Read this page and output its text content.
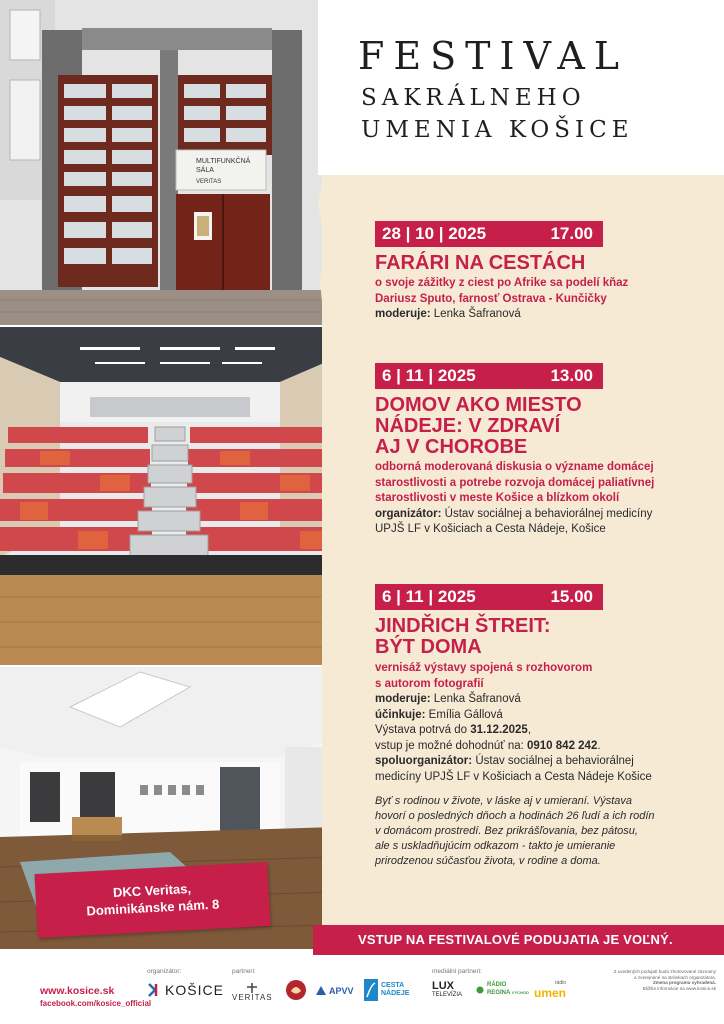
MULTIFUNKČNÁ
SÁLA
VERITAS
FESTIVAL
SAKRÁLNEHO
UMENIA KOŠICE
28 | 10 | 2025	17.00
FARÁRI NA CESTÁCH
o svoje zážitky z ciest po Afrike sa podelí kňaz
Dariusz Sputo, farnosť Ostrava - Kunčičky
moderuje: Lenka Šafranová
6 | 11 | 2025	13.00
DOMOV AKO MIESTO
NÁDEJE: V ZDRAVÍ
AJ V CHOROBE
odborná moderovaná diskusia o význame domácej
starostlivosti a potrebe rozvoja domácej paliatívnej
starostlivosti v meste Košice a blízkom okolí
organizátor: Ústav sociálnej a behaviorálnej medicíny
UPJŠ LF v Košiciach a Cesta Nádeje, Košice
6 | 11 | 2025	15.00
JINDŘICH ŠTREIT:
BÝT DOMA
vernisáž výstavy spojená s rozhovorom
s autorom fotografií
moderuje: Lenka Šafranová
účinkuje: Emília Gállová
Výstava potrvá do 31.12.2025,
vstup je možné dohodnúť na: 0910 842 242.
spoluorganizátor: Ústav sociálnej a behaviorálnej
medicíny UPJŠ LF v Košiciach a Cesta Nádeje Košice
Byť s rodinou v živote, v láske aj v umieraní. Výstava
hovorí o posledných dňoch a hodinách 26 ľudí a ich rodín
v domácom prostredí. Bez prikrášľovania, bez pátosu,
ale s uskladňujúcim odkazom - takto je umieranie
prirodzenou súčasťou života, v rodine a doma.
DKC Veritas,
Dominikánske nám. 8
VSTUP NA FESTIVALOVÉ PODUJATIA JE VOĽNÝ.
www.kosice.sk
facebook.com/kosice_official
organizátor:	partneri:	mediálni partneri:
KOŠICE VERITAS
APVV	CESTA
NÁDEJE
LUX
TELEVÍZIA
RÁDIO
REGINA VÝCHOD
rádio
umen
Z uvedených podujatí budú zhotovované záznamy
a zverejnené na stránkach organizátora.
Zmena programu vyhradená.
Bližšie informácie na www.kosice.sk
